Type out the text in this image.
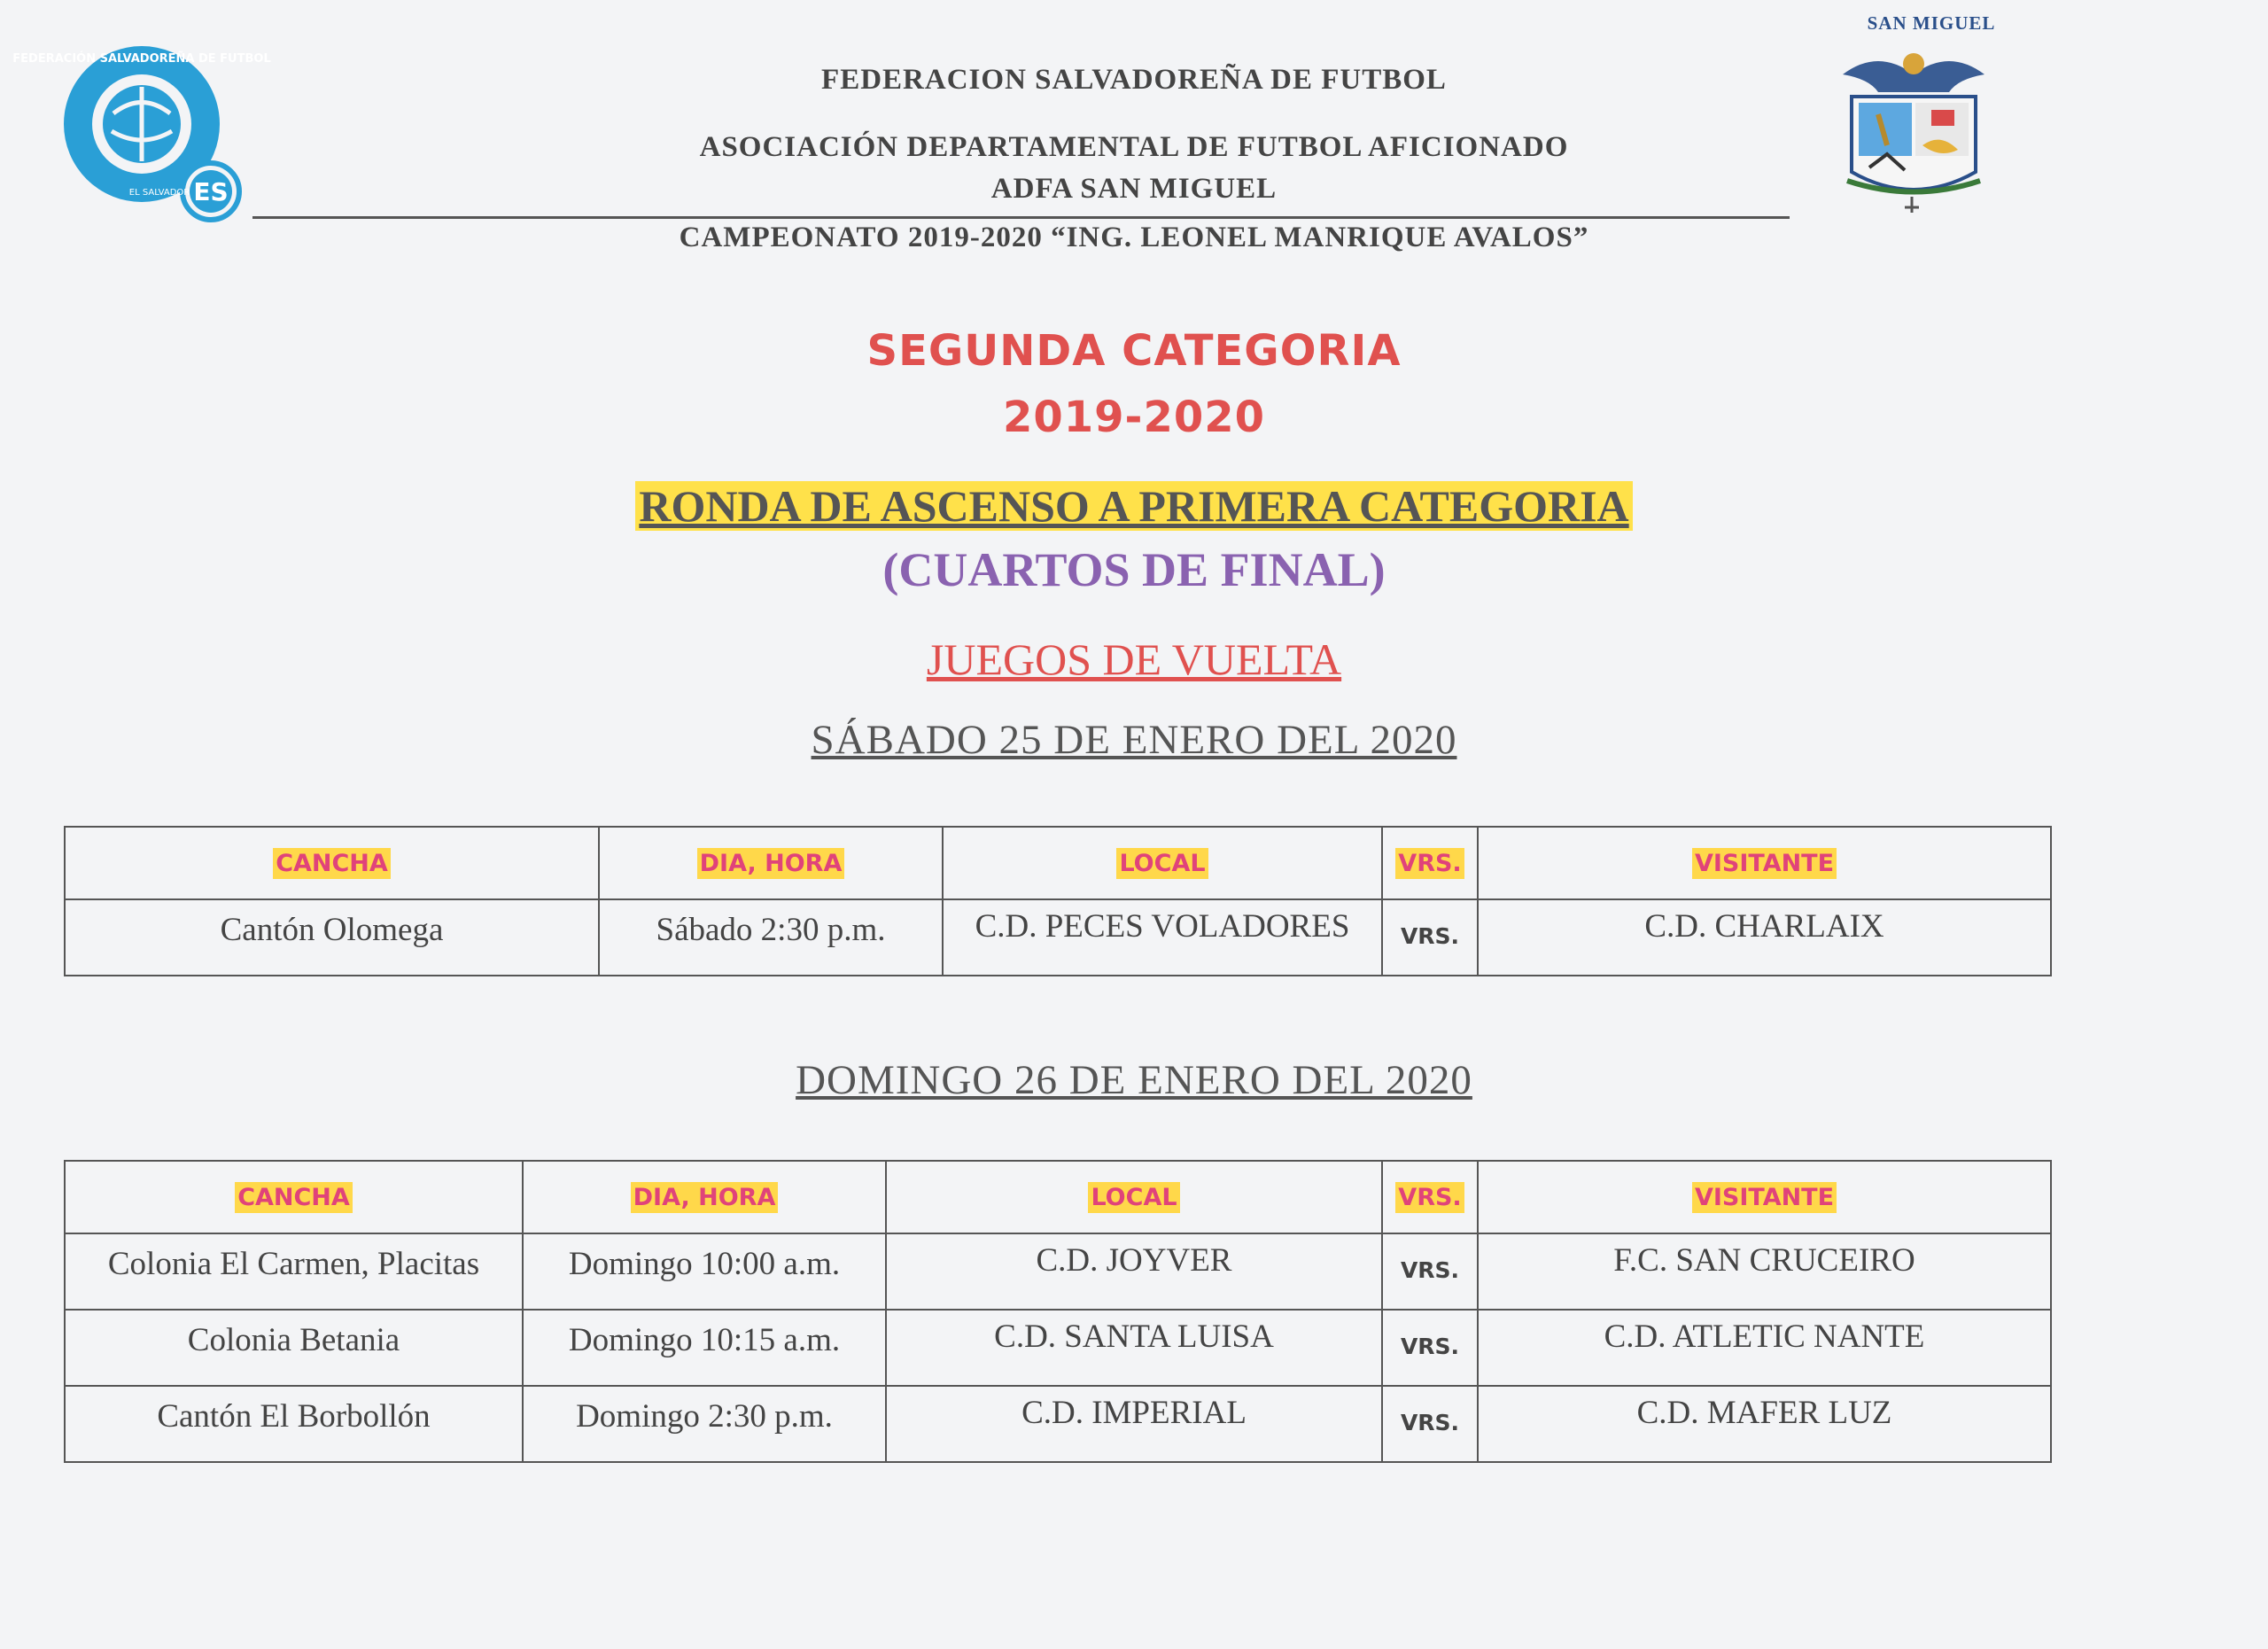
FEDERACIÓN SALVADOREÑA DE FUTBOL
EL SALVADOR ES
SAN MIGUEL
FEDERACION SALVADOREÑA DE FUTBOL
ASOCIACIÓN DEPARTAMENTAL DE FUTBOL AFICIONADO
ADFA SAN MIGUEL
CAMPEONATO 2019-2020 “ING. LEONEL MANRIQUE AVALOS”
SEGUNDA CATEGORIA
2019-2020
RONDA DE ASCENSO A PRIMERA CATEGORIA
(CUARTOS DE FINAL)
JUEGOS DE VUELTA
SÁBADO 25 DE ENERO DEL 2020
CANCHA	DIA, HORA	LOCAL	VRS.	VISITANTE
Cantón Olomega	Sábado 2:30 p.m.	C.D. PECES VOLADORES	VRS.	C.D. CHARLAIX
DOMINGO 26 DE ENERO DEL 2020
CANCHA	DIA, HORA	LOCAL	VRS.	VISITANTE
Colonia El Carmen, Placitas	Domingo 10:00 a.m.	C.D. JOYVER	VRS.	F.C. SAN CRUCEIRO
Colonia Betania	Domingo 10:15 a.m.	C.D. SANTA LUISA	VRS.	C.D. ATLETIC NANTE
Cantón El Borbollón	Domingo 2:30 p.m.	C.D. IMPERIAL	VRS.	C.D. MAFER LUZ
